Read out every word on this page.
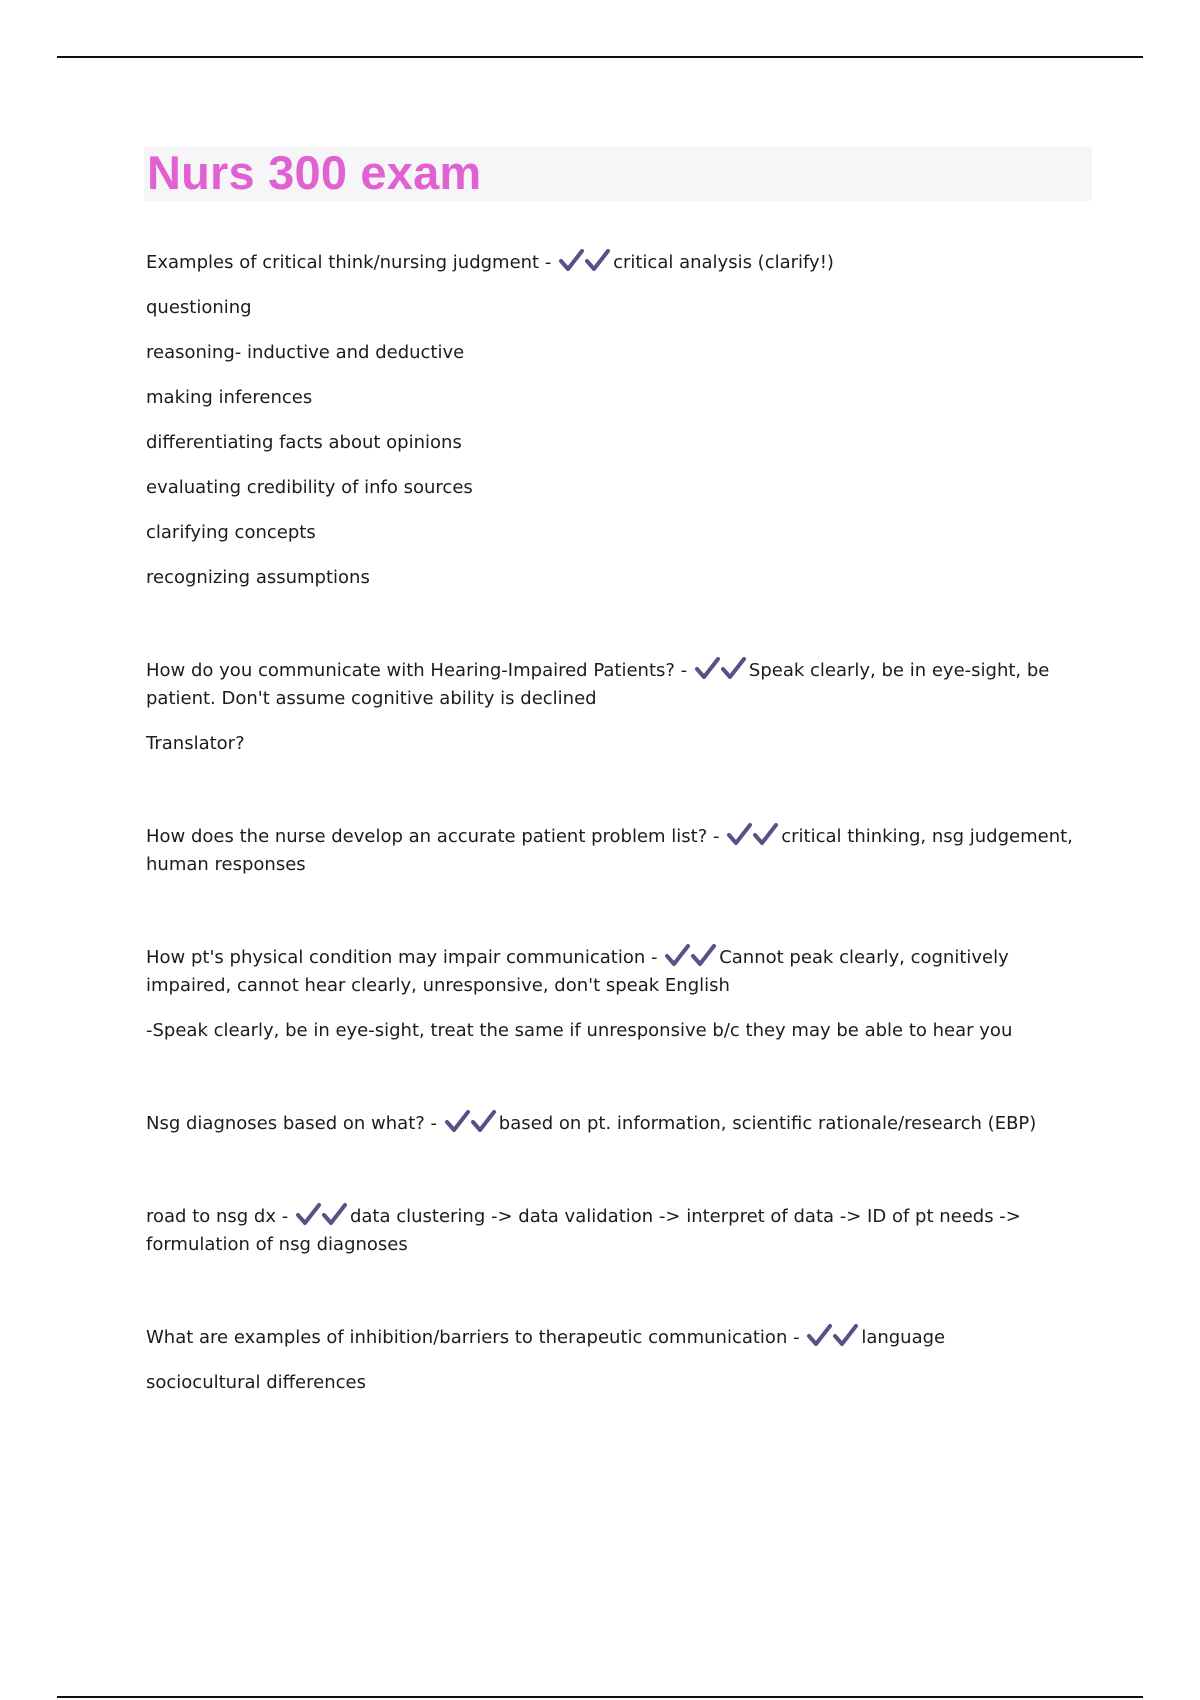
Nurs 300 exam

Examples of critical think/nursing judgment -	critical analysis (clarify!)

questioning

reasoning- inductive and deductive

making inferences

differentiating facts about opinions

evaluating credibility of info sources

clarifying concepts

recognizing assumptions

How do you communicate with Hearing-Impaired Patients? -	Speak clearly, be in eye-sight, be patient. Don't assume cognitive ability is declined

Translator?

How does the nurse develop an accurate patient problem list? -	critical thinking, nsg judgement, human responses

How pt's physical condition may impair communication -	Cannot peak clearly, cognitively impaired, cannot hear clearly, unresponsive, don't speak English

-Speak clearly, be in eye-sight, treat the same if unresponsive b/c they may be able to hear you

Nsg diagnoses based on what? -	based on pt. information, scientific rationale/research (EBP)

road to nsg dx -	data clustering -> data validation -> interpret of data -> ID of pt needs -> formulation of nsg diagnoses

What are examples of inhibition/barriers to therapeutic communication -	language

sociocultural differences
